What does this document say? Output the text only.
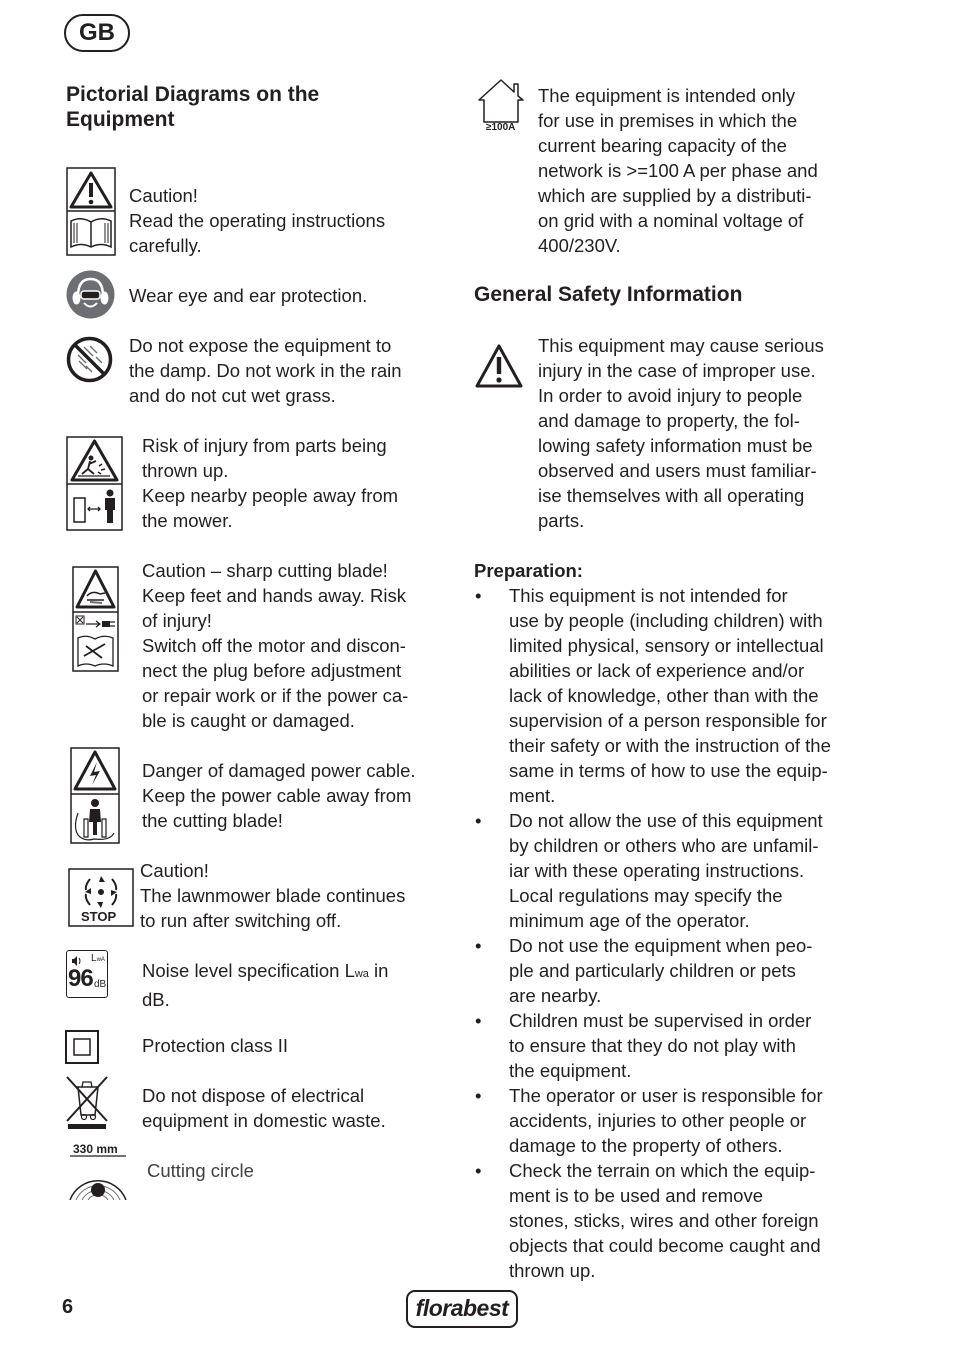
GB
Pictorial Diagrams on the
Equipment
Caution!
Read the operating instructions
carefully.
Wear eye and ear protection.
Do not expose the equipment to
the damp. Do not work in the rain
and do not cut wet grass.
Risk of injury from parts being
thrown up.
Keep nearby people away from
the mower.
Caution – sharp cutting blade!
Keep feet and hands away. Risk
of injury!
Switch off the motor and discon-
nect the plug before adjustment
or repair work or if the power ca-
ble is caught or damaged.
Danger of damaged power cable.
Keep the power cable away from
the cutting blade!
STOP
Caution!
The lawnmower blade continues
to run after switching off.
LwA
96 dB
Noise level specification Lwa in
dB.
Protection class II
Do not dispose of electrical
equipment in domestic waste.
330 mm
Cutting circle
≥100A
The equipment is intended only
for use in premises in which the
current bearing capacity of the
network is >=100 A per phase and
which are supplied by a distributi-
on grid with a nominal voltage of
400/230V.
General Safety Information
This equipment may cause serious
injury in the case of improper use.
In order to avoid injury to people
and damage to property, the fol-
lowing safety information must be
observed and users must familiar-
ise themselves with all operating
parts.
Preparation:
• This equipment is not intended for
use by people (including children) with
limited physical, sensory or intellectual
abilities or lack of experience and/or
lack of knowledge, other than with the
supervision of a person responsible for
their safety or with the instruction of the
same in terms of how to use the equip-
ment.
• Do not allow the use of this equipment
by children or others who are unfamil-
iar with these operating instructions.
Local regulations may specify the
minimum age of the operator.
• Do not use the equipment when peo-
ple and particularly children or pets
are nearby.
• Children must be supervised in order
to ensure that they do not play with
the equipment.
• The operator or user is responsible for
accidents, injuries to other people or
damage to the property of others.
• Check the terrain on which the equip-
ment is to be used and remove
stones, sticks, wires and other foreign
objects that could become caught and
thrown up.
6	florabest
